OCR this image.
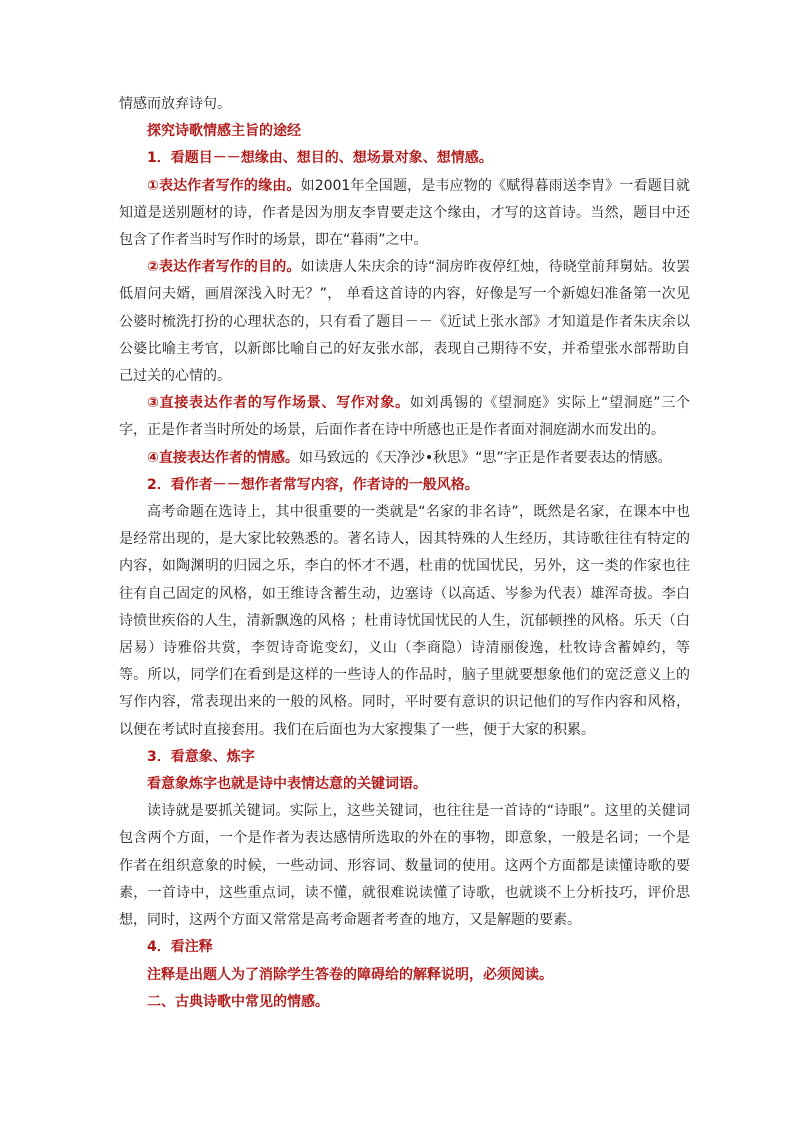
情感而放弃诗句。

探究诗歌情感主旨的途经

1．看题目－－想缘由、想目的、想场景对象、想情感。

①表达作者写作的缘由。如2001年全国题，是韦应物的《赋得暮雨送李胄》一看题目就知道是送别题材的诗，作者是因为朋友李胄要走这个缘由，才写的这首诗。当然，题目中还包含了作者当时写作时的场景，即在“暮雨”之中。

②表达作者写作的目的。如读唐人朱庆余的诗“洞房昨夜停红烛，待晓堂前拜舅姑。妆罢低眉问夫婿，画眉深浅入时无？”， 单看这首诗的内容，好像是写一个新媳妇准备第一次见公婆时梳洗打扮的心理状态的，只有看了题目－－《近试上张水部》才知道是作者朱庆余以公婆比喻主考官，以新郎比喻自己的好友张水部，表现自己期待不安，并希望张水部帮助自己过关的心情的。

③直接表达作者的写作场景、写作对象。如刘禹锡的《望洞庭》实际上“望洞庭”三个字，正是作者当时所处的场景，后面作者在诗中所感也正是作者面对洞庭湖水而发出的。

④直接表达作者的情感。如马致远的《天净沙•秋思》“思”字正是作者要表达的情感。

2．看作者－－想作者常写内容，作者诗的一般风格。

高考命题在选诗上，其中很重要的一类就是“名家的非名诗”，既然是名家，在课本中也是经常出现的，是大家比较熟悉的。著名诗人，因其特殊的人生经历，其诗歌往往有特定的内容，如陶渊明的归园之乐，李白的怀才不遇，杜甫的忧国忧民，另外，这一类的作家也往往有自己固定的风格，如王维诗含蓄生动，边塞诗（以高适、岑参为代表）雄浑奇拔。李白诗愤世疾俗的人生，清新飘逸的风格 ；杜甫诗忧国忧民的人生，沉郁顿挫的风格。乐天（白居易）诗雅俗共赏，李贺诗奇诡变幻，义山（李商隐）诗清丽俊逸，杜牧诗含蓄婥约，等等。所以，同学们在看到是这样的一些诗人的作品时，脑子里就要想象他们的宽泛意义上的写作内容，常表现出来的一般的风格。同时，平时要有意识的识记他们的写作内容和风格，以便在考试时直接套用。我们在后面也为大家搜集了一些，便于大家的积累。

3．看意象、炼字

看意象炼字也就是诗中表情达意的关键词语。

读诗就是要抓关键词。实际上，这些关键词，也往往是一首诗的“诗眼”。这里的关健词包含两个方面，一个是作者为表达感情所选取的外在的事物，即意象，一般是名词；一个是作者在组织意象的时候，一些动词、形容词、数量词的使用。这两个方面都是读懂诗歌的要素，一首诗中，这些重点词，读不懂，就很难说读懂了诗歌，也就谈不上分析技巧，评价思想，同时，这两个方面又常常是高考命题者考查的地方，又是解题的要素。

4．看注释

注释是出题人为了消除学生答卷的障碍给的解释说明，必须阅读。

二、古典诗歌中常见的情感。
